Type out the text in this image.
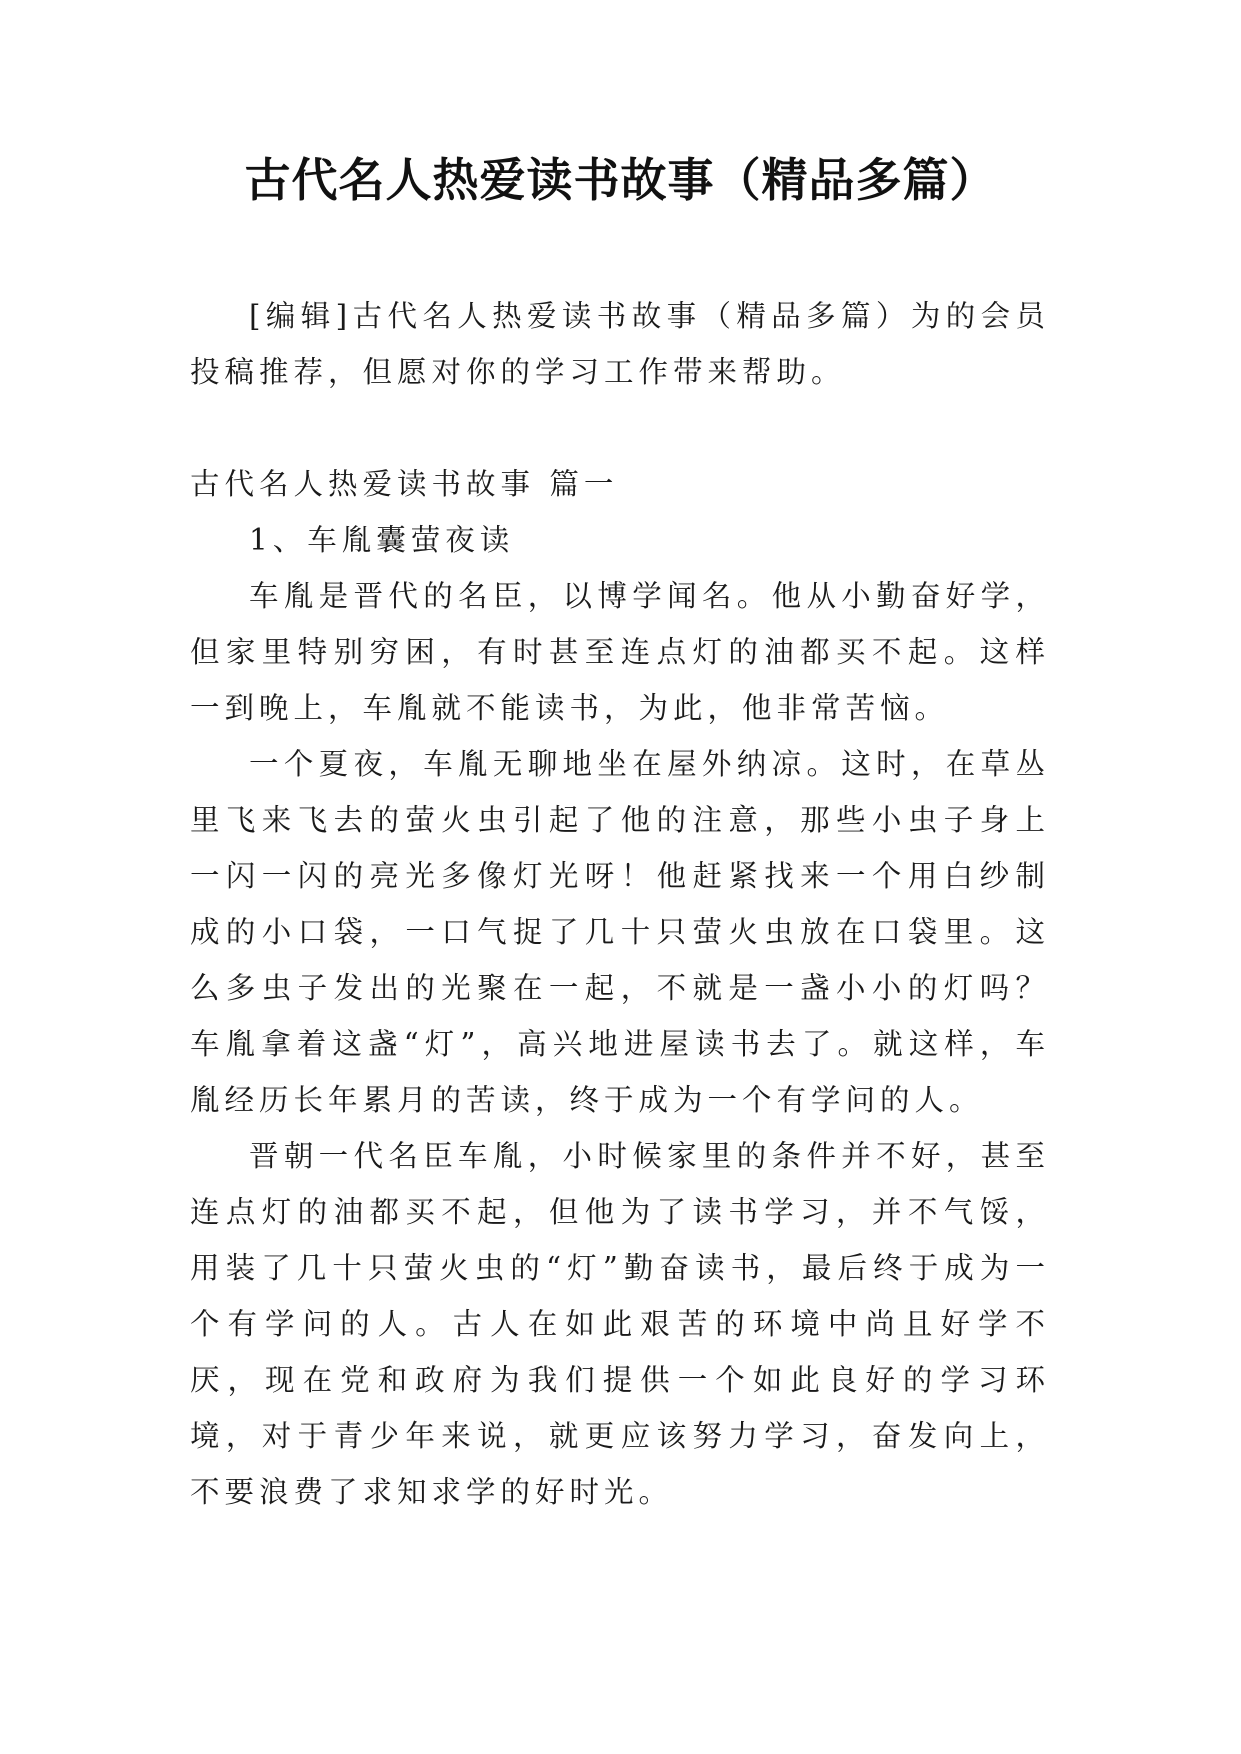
古代名人热爱读书故事（精品多篇）

[编辑]古代名人热爱读书故事（精品多篇）为的会员投稿推荐，但愿对你的学习工作带来帮助。

古代名人热爱读书故事 篇一

1、车胤囊萤夜读

车胤是晋代的名臣，以博学闻名。他从小勤奋好学，但家里特别穷困，有时甚至连点灯的油都买不起。这样一到晚上，车胤就不能读书，为此，他非常苦恼。

一个夏夜，车胤无聊地坐在屋外纳凉。这时，在草丛里飞来飞去的萤火虫引起了他的注意，那些小虫子身上一闪一闪的亮光多像灯光呀！他赶紧找来一个用白纱制成的小口袋，一口气捉了几十只萤火虫放在口袋里。这么多虫子发出的光聚在一起，不就是一盏小小的灯吗？车胤拿着这盏“灯”，高兴地进屋读书去了。就这样，车胤经历长年累月的苦读，终于成为一个有学问的人。

晋朝一代名臣车胤，小时候家里的条件并不好，甚至连点灯的油都买不起，但他为了读书学习，并不气馁，用装了几十只萤火虫的“灯”勤奋读书，最后终于成为一个有学问的人。古人在如此艰苦的环境中尚且好学不厌，现在党和政府为我们提供一个如此良好的学习环境，对于青少年来说，就更应该努力学习，奋发向上，不要浪费了求知求学的好时光。
